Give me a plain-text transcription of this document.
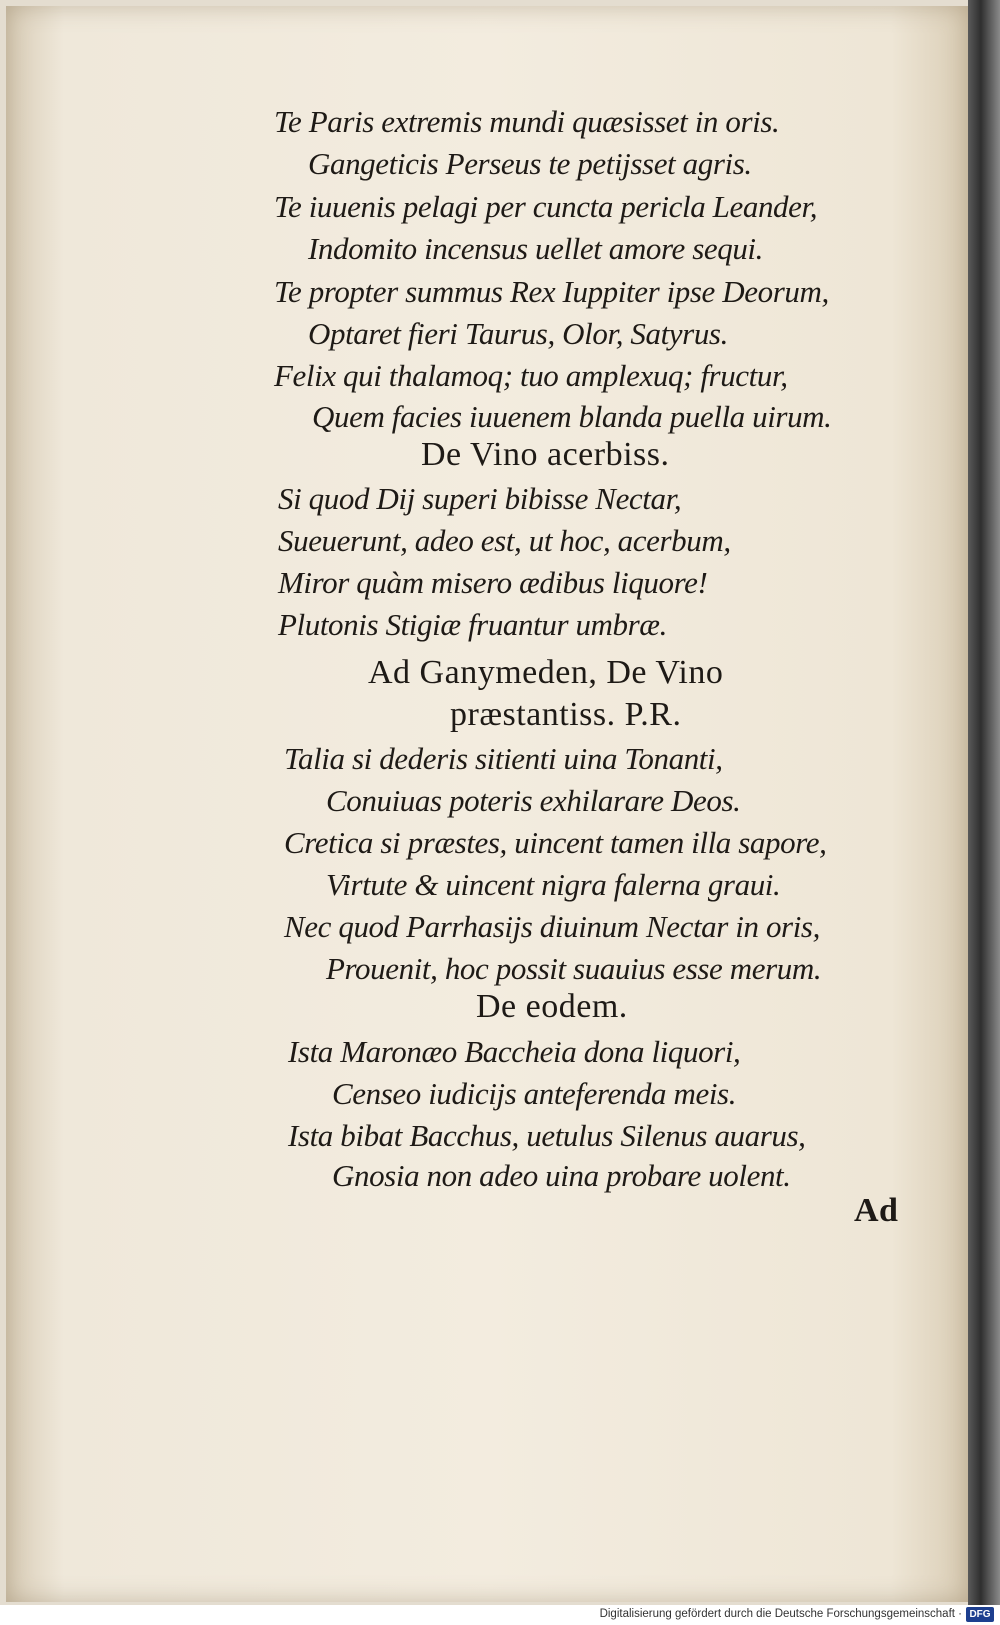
Te Paris extremis mundi quæsisset in oris.
Gangeticis Perseus te petijsset agris.
Te iuuenis pelagi per cuncta pericla Leander,
Indomito incensus uellet amore sequi.
Te propter summus Rex Iuppiter ipse Deorum,
Optaret fieri Taurus, Olor, Satyrus.
Felix qui thalamoq; tuo amplexuq; fructur,
Quem facies iuuenem blanda puella uirum.
De Vino acerbiss.
Si quod Dij superi bibisse Nectar,
Sueuerunt, adeo est, ut hoc, acerbum,
Miror quàm misero ædibus liquore!
Plutonis Stigiæ fruantur umbræ.
Ad Ganymeden, De Vino
præstantiss. P.R.
Talia si dederis sitienti uina Tonanti,
Conuiuas poteris exhilarare Deos.
Cretica si præstes, uincent tamen illa sapore,
Virtute & uincent nigra falerna graui.
Nec quod Parrhasijs diuinum Nectar in oris,
Prouenit, hoc possit suauius esse merum.
De eodem.
Ista Maronæo Baccheia dona liquori,
Censeo iudicijs anteferenda meis.
Ista bibat Bacchus, uetulus Silenus auarus,
Gnosia non adeo uina probare uolent.
Ad
Digitalisierung gefördert durch die Deutsche Forschungsgemeinschaft · DFG
